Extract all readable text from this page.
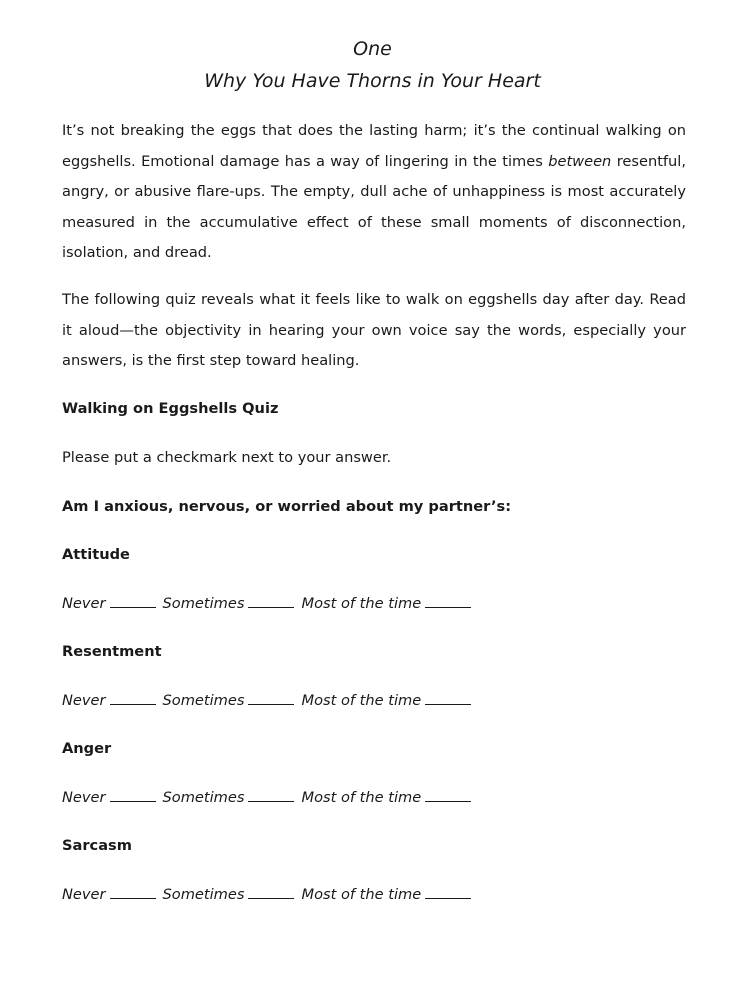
One
Why You Have Thorns in Your Heart

It’s not breaking the eggs that does the lasting harm; it’s the continual walking on eggshells. Emotional damage has a way of lingering in the times between resentful, angry, or abusive flare-ups. The empty, dull ache of unhappiness is most accurately measured in the accumulative effect of these small moments of disconnection, isolation, and dread.

The following quiz reveals what it feels like to walk on eggshells day after day. Read it aloud—the objectivity in hearing your own voice say the words, especially your answers, is the first step toward healing.

Walking on Eggshells Quiz
Please put a checkmark next to your answer.
Am I anxious, nervous, or worried about my partner’s:
Attitude
Never	Sometimes	Most of the time
Resentment
Never	Sometimes	Most of the time
Anger
Never	Sometimes	Most of the time
Sarcasm
Never	Sometimes	Most of the time
